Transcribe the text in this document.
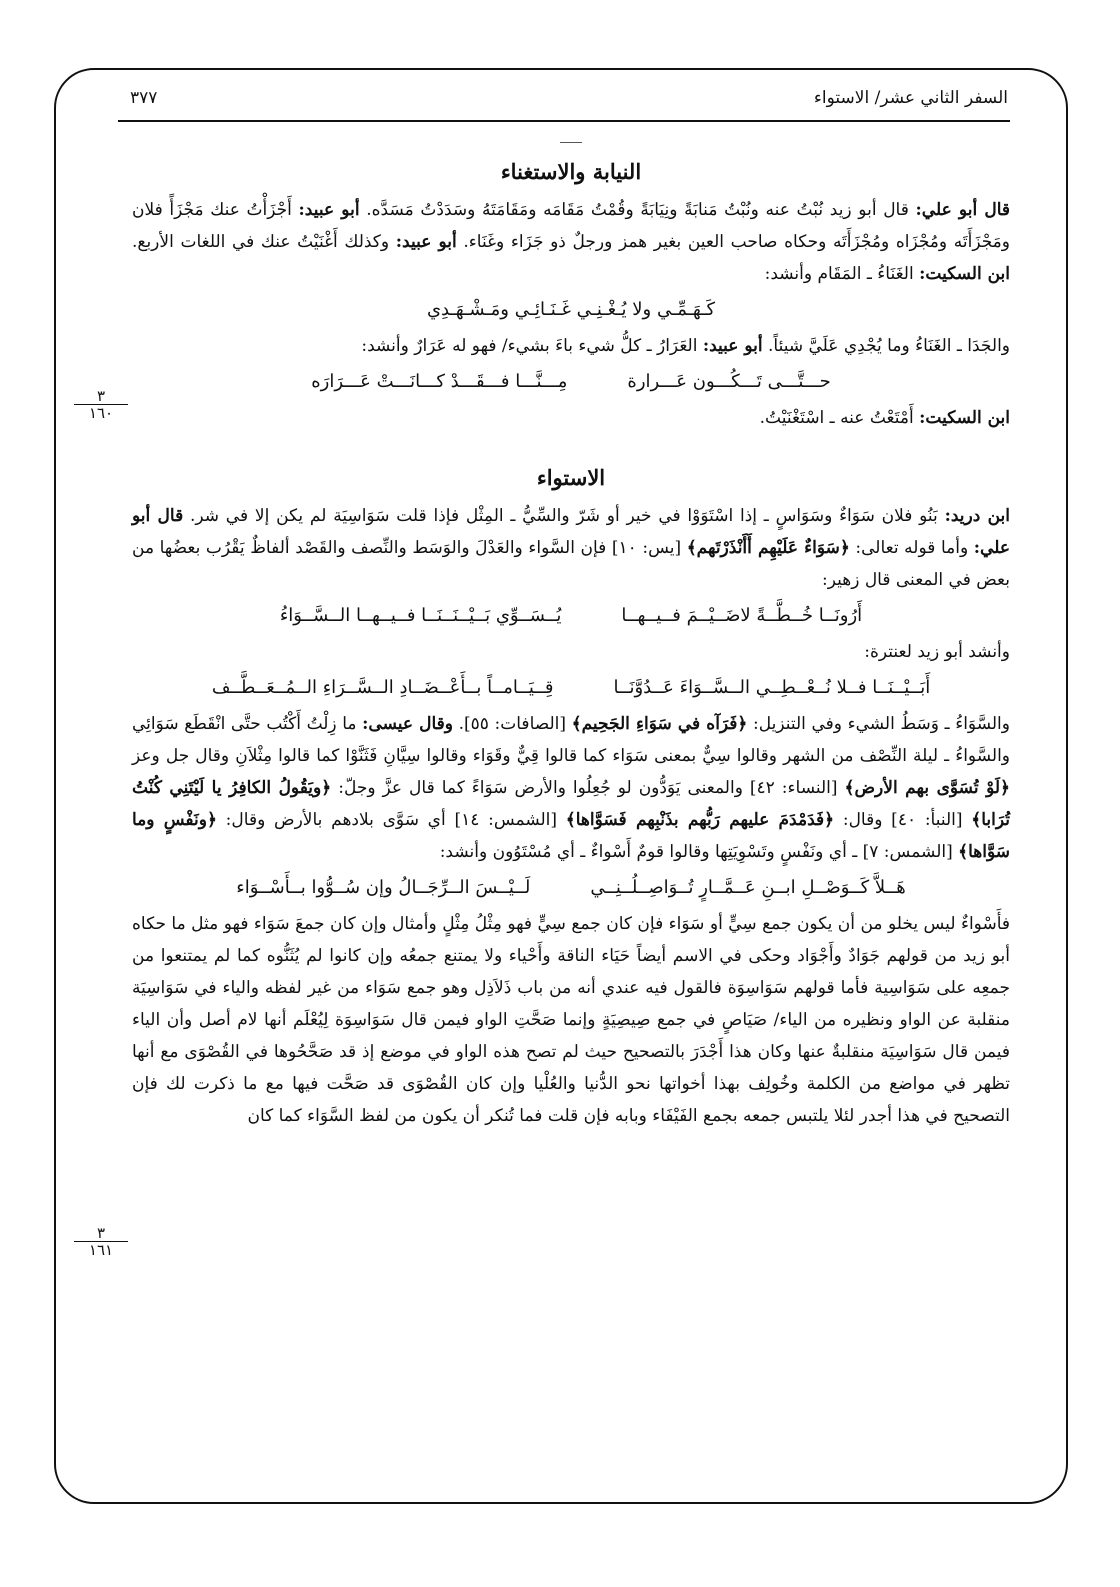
السفر الثاني عشر/ الاستواء
٣٧٧
النيابة والاستغناء

قال أبو علي: قال أبو زيد نُبْتُ عنه ونُبْتُ مَنابَةً ونِيَابَةً وقُمْتُ مَقَامَه ومَقَامَتَهُ وسَدَدْتُ مَسَدَّه. أبو عبيد: أَجْزَأْتُ عنك مَجْزَأً فلان ومَجْزَأَتَه ومُجْزَاه ومُجْزَأَتَه وحكاه صاحب العين بغير همز ورجلٌ ذو جَزَاء وغَنَاء. أبو عبيد: وكذلك أَغْنَيْتُ عنك في اللغات الأربع. ابن السكيت: الغَنَاءُ ـ المَقَام وأنشد:

كَـهَـمِّـي ولا يُـغْـنِـي غَـنَـائِـي ومَـشْـهَـدِي

والجَدَا ـ الغَنَاءُ وما يُجْدِي عَلَيَّ شيئاً. أبو عبيد: العَرَارُ ـ كلُّ شيء باءَ بشيء/ فهو له عَرَارٌ وأنشد:

حـــتَّـــى تَـــكُـــون عَـــرارة
مِـــنَّـــا فـــقَـــدْ كـــانَـــتْ عَـــرَارَه

ابن السكيت: أَمْتَعْتُ عنه ـ اسْتَغْنَيْتُ.

الاستواء

ابن دريد: بَنُو فلان سَوَاءٌ وسَوَاسٍ ـ إذا اسْتَوَوْا في خير أو شَرّ والسِّيُّ ـ المِثْل فإذا قلت سَوَاسِيَة لم يكن إلا في شر. قال أبو علي: وأما قوله تعالى: ﴿سَوَاءٌ عَلَيْهِم أَأَنْذَرْتَهم﴾ [يس: ١٠] فإن السَّواء والعَدْلَ والوَسَط والنِّصف والقَصْد ألفاظٌ يَقْرُب بعضُها من بعض في المعنى قال زهير:

أَرُونَــا خُــطَّــةً لاضَــيْــمَ فــيــهــا
يُــسَــوِّي بَــيْــنَــنَــا فــيــهــا الــسَّــوَاءُ

وأنشد أبو زيد لعنترة:

أَبَــيْــنَــا فــلا نُــعْــطِــي الــسَّــوَاءَ عَــدُوَّنَــا
قِــيَــامــاً بــأَعْــضَــادِ الــسَّــرَاءِ الــمُــعَــطَّــف

والسَّوَاءُ ـ وَسَطُ الشيء وفي التنزيل: ﴿فَرَآه في سَوَاءِ الجَحِيم﴾ [الصافات: ٥٥]. وقال عيسى: ما زِلْتُ أَكْتُب حتَّى انْقَطَع سَوَائِي والسَّواءُ ـ ليلة النِّصْف من الشهر وقالوا سِيٌّ بمعنى سَوَاء كما قالوا قِيٌّ وقَوَاء وقالوا سِيَّانِ فَثَنَّوْا كما قالوا مِثْلاَنِ وقال جل وعز ﴿لَوْ تُسَوَّى بهم الأرض﴾ [النساء: ٤٢] والمعنى يَوَدُّون لو جُعِلُوا والأرض سَوَاءً كما قال عزَّ وجلّ: ﴿ويَقُولُ الكافِرُ يا لَيْتَنِي كُنْتُ تُرَابا﴾ [النبأ: ٤٠] وقال: ﴿فَدَمْدَمَ عليهم رَبُّهم بذَنْبِهم فَسَوَّاها﴾ [الشمس: ١٤] أي سَوَّى بلادهم بالأرض وقال: ﴿ونَفْسٍ وما سَوَّاها﴾ [الشمس: ٧] ـ أي ونَفْسٍ وتَسْوِيَتِها وقالوا قومٌ أَسْواءٌ ـ أي مُسْتَوُون وأنشد:

هَــلاَّ كَــوَصْــلِ ابــنِ عَــمَّــارٍ تُــوَاصِــلُــنِــي
لَــيْــسَ الــرِّجَــالُ وإن سُــوُّوا بــأَسْــوَاء

فأَسْواءٌ ليس يخلو من أن يكون جمع سِيٍّ أو سَوَاء فإن كان جمع سِيٍّ فهو مِثْلُ مِثْلٍ وأمثال وإن كان جمعَ سَوَاء فهو مثل ما حكاه أبو زيد من قولهم جَوَادٌ وأَجْوَاد وحكى في الاسم أيضاً حَيَاء الناقة وأَحْياء ولا يمتنع جمعُه وإن كانوا لم يُثَنُّوه كما لم يمتنعوا من جمعِه على سَوَاسِية فأما قولهم سَوَاسِوَة فالقول فيه عندي أنه من باب ذَلاَذِل وهو جمع سَوَاء من غير لفظه والياء في سَوَاسِيَة منقلبة عن الواو ونظيره من الياء/ صَيَاصٍ في جمع صِيصِيَةٍ وإنما صَحَّتِ الواو فيمن قال سَوَاسِوَة لِيُعْلَم أنها لام أصل وأن الياء فيمن قال سَوَاسِيَة منقلبةٌ عنها وكان هذا أَجْدَرَ بالتصحيح حيث لم تصح هذه الواو في موضع إذ قد صَحَّحُوها في القُصْوَى مع أنها تظهر في مواضع من الكلمة وخُولِف بهذا أخواتها نحو الدُّنيا والعُلْيا وإن كان القُصْوَى قد صَحَّت فيها مع ما ذكرت لك فإن التصحيح في هذا أجدر لئلا يلتبس جمعه بجمع الفَيْفَاء وبابه فإن قلت فما تُنكر أن يكون من لفظ السَّوَاء كما كان

٣
١٦٠
٣
١٦١
